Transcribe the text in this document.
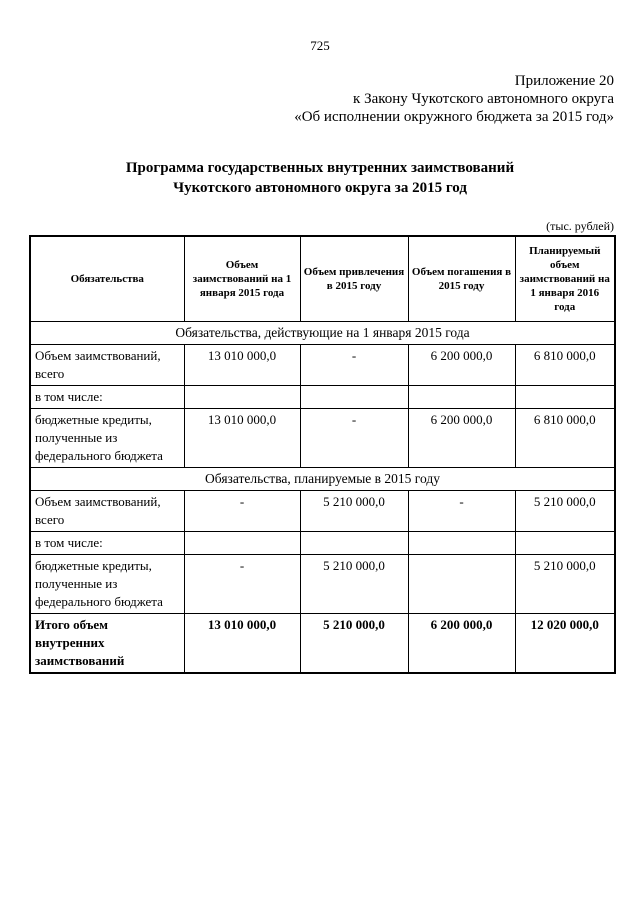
725
Приложение 20
к Закону Чукотского автономного округа
«Об исполнении окружного бюджета за 2015 год»
Программа государственных внутренних заимствований
Чукотского автономного округа за 2015 год
(тыс. рублей)
Обязательства	Объем заимствований на 1 января 2015 года	Объем привлечения в 2015 году	Объем погашения в 2015 году	Планируемый объем заимствований на 1 января 2016 года
Обязательства, действующие на 1 января 2015 года				
Объем заимствований, всего	13 010 000,0	-	6 200 000,0	6 810 000,0
в том числе:				
бюджетные кредиты, полученные из федерального бюджета	13 010 000,0	-	6 200 000,0	6 810 000,0
Обязательства, планируемые в 2015 году				
Объем заимствований, всего	-	5 210 000,0	-	5 210 000,0
в том числе:				
бюджетные кредиты, полученные из федерального бюджета	-	5 210 000,0		5 210 000,0
Итого объем внутренних заимствований	13 010 000,0	5 210 000,0	6 200 000,0	12 020 000,0
